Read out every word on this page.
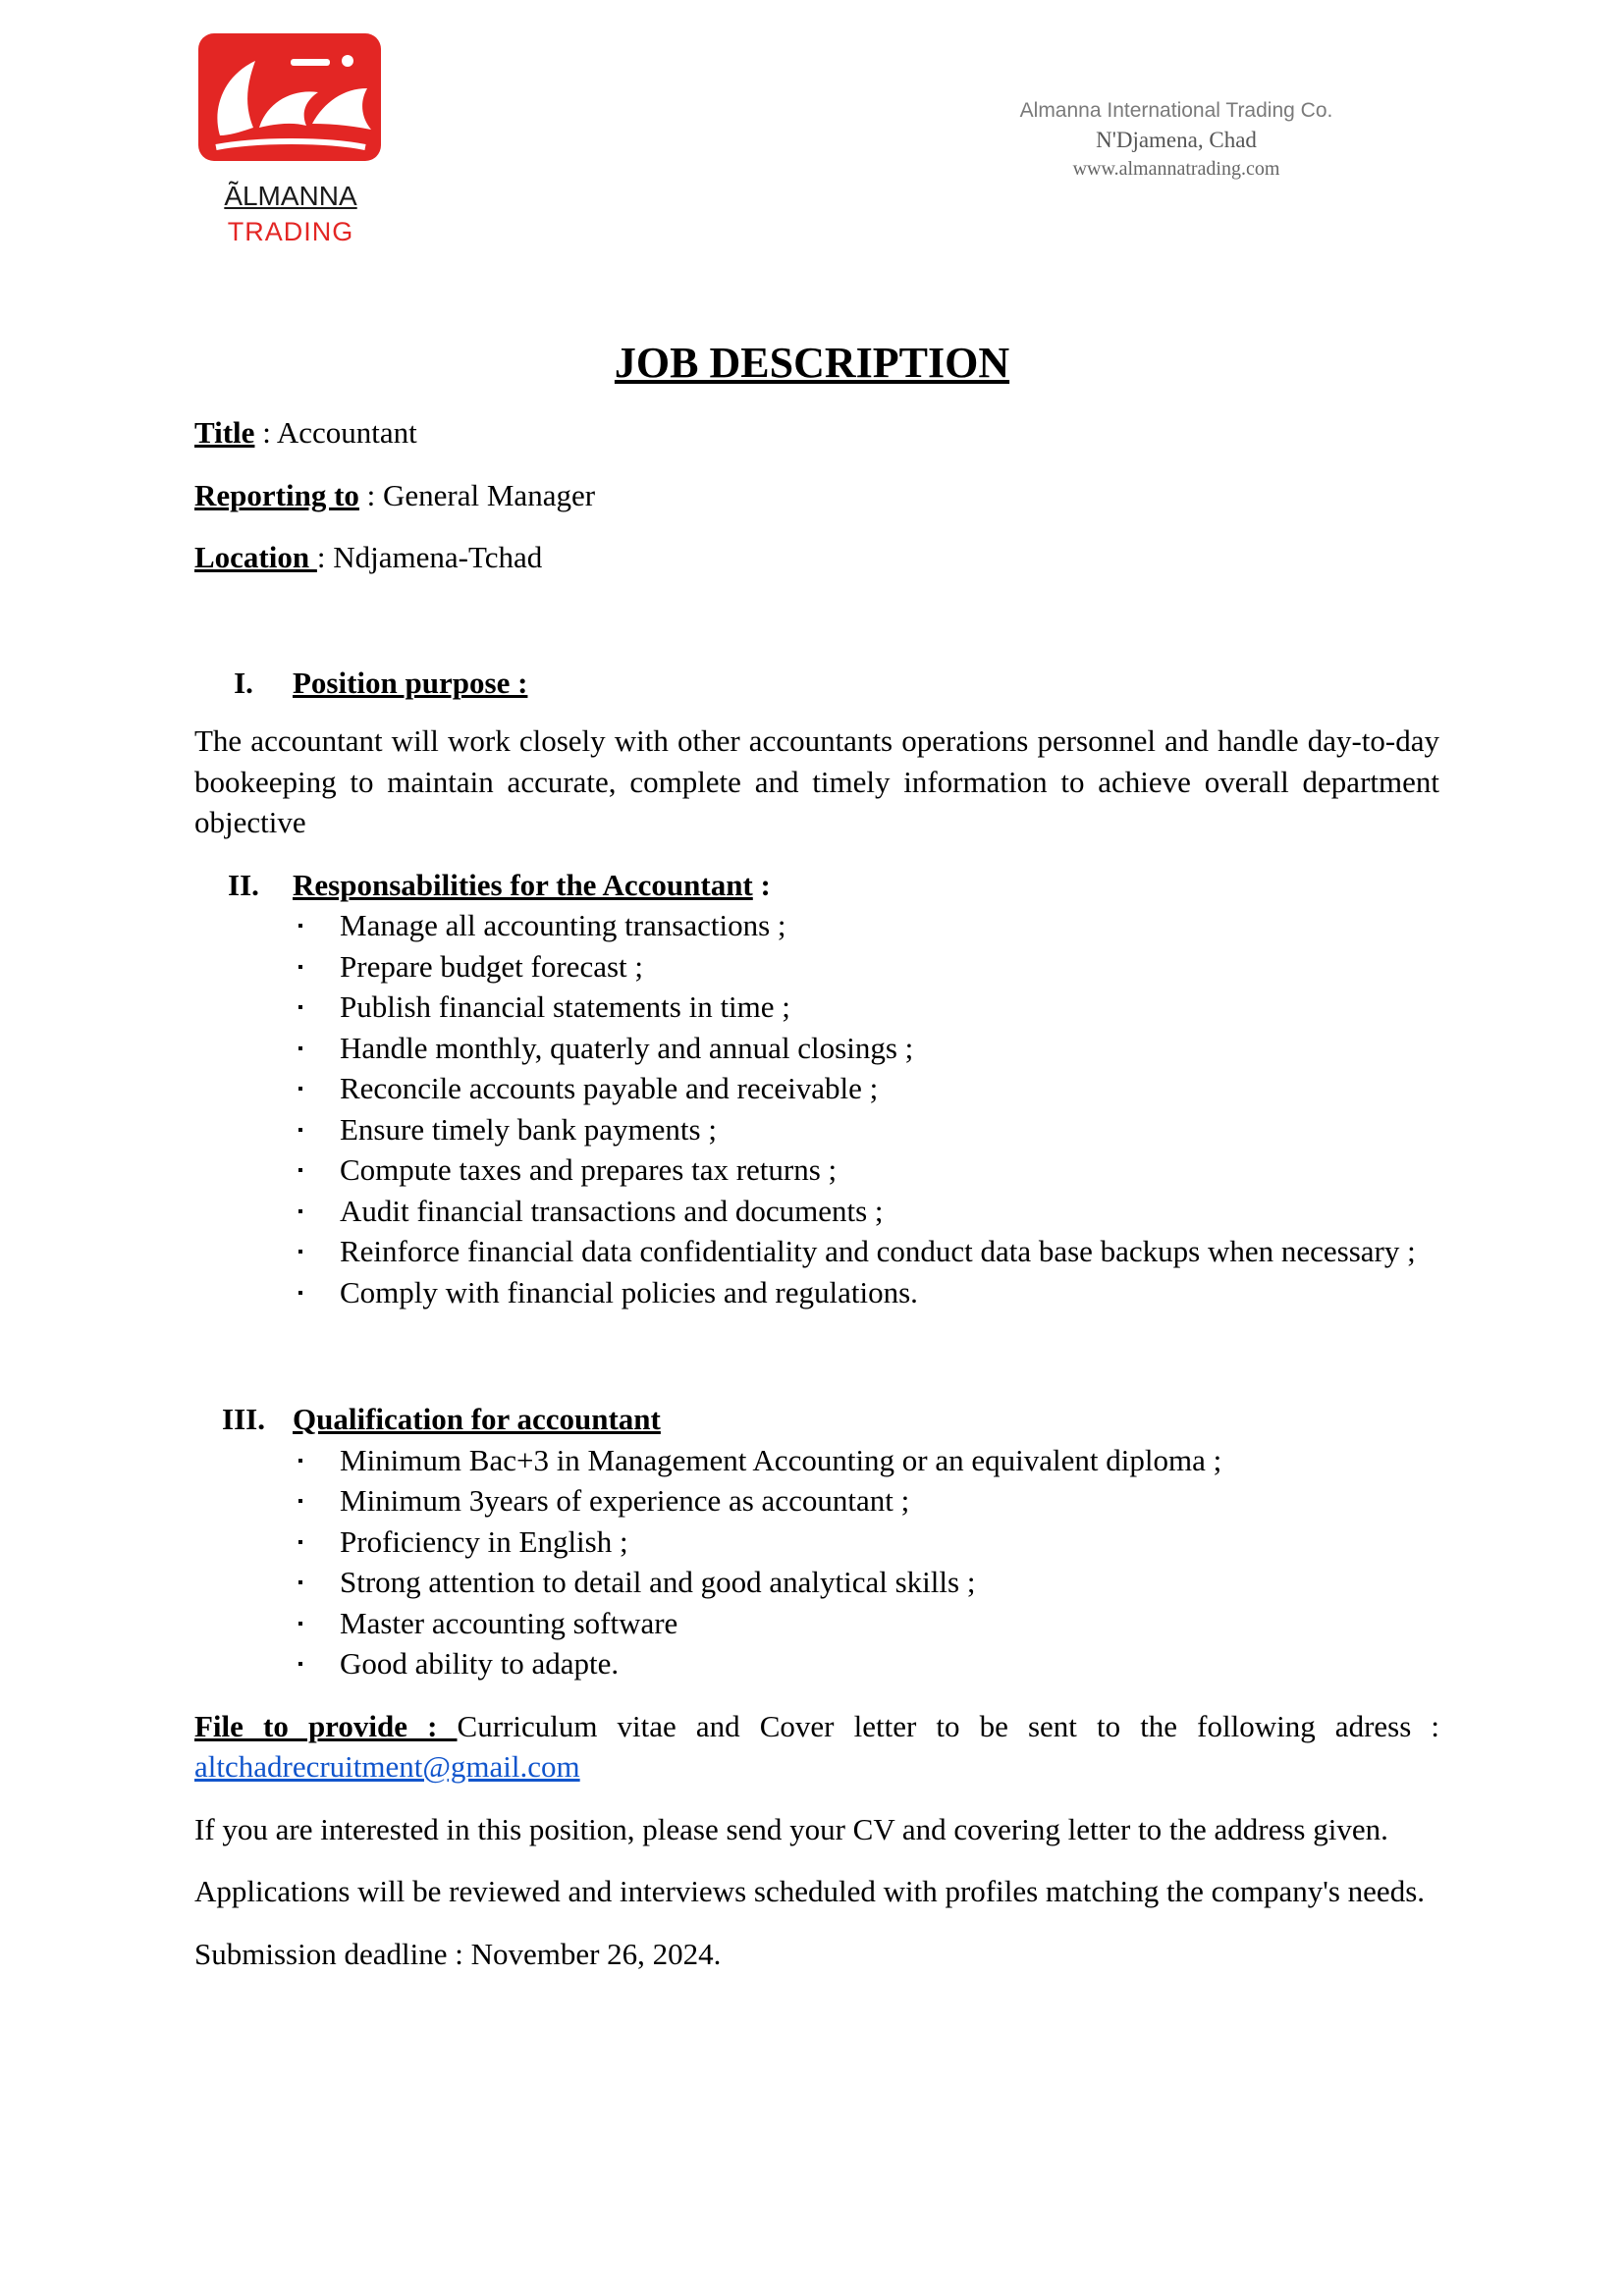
ÃLMANNA
TRADING
Almanna International Trading Co.
N'Djamena, Chad
www.almannatrading.com
JOB DESCRIPTION
Title : Accountant
Reporting to : General Manager
Location : Ndjamena-Tchad
I.	Position purpose :

The accountant will work closely with other accountants operations personnel and handle day-to-day bookeeping to maintain accurate, complete and timely information to achieve overall department objective

II.	Responsabilities for the Accountant :
Manage all accounting transactions ;
Prepare budget forecast ;
Publish financial statements in time ;
Handle monthly, quaterly and annual closings ;
Reconcile accounts payable and receivable ;
Ensure timely bank payments ;
Compute taxes and prepares tax returns ;
Audit financial transactions and documents ;
Reinforce financial data confidentiality and conduct data base backups when necessary ;
Comply with financial policies and regulations.
III. Qualification for accountant
Minimum Bac+3 in Management Accounting or an equivalent diploma ;
Minimum 3years of experience as accountant ;
Proficiency in English ;
Strong attention to detail and good analytical skills ;
Master accounting software
Good ability to adapte.

File to provide : Curriculum vitae and Cover letter to be sent to the following adress : altchadrecruitment@gmail.com

If you are interested in this position, please send your CV and covering letter to the address given.

Applications will be reviewed and interviews scheduled with profiles matching the company's needs.

Submission deadline : November 26, 2024.
